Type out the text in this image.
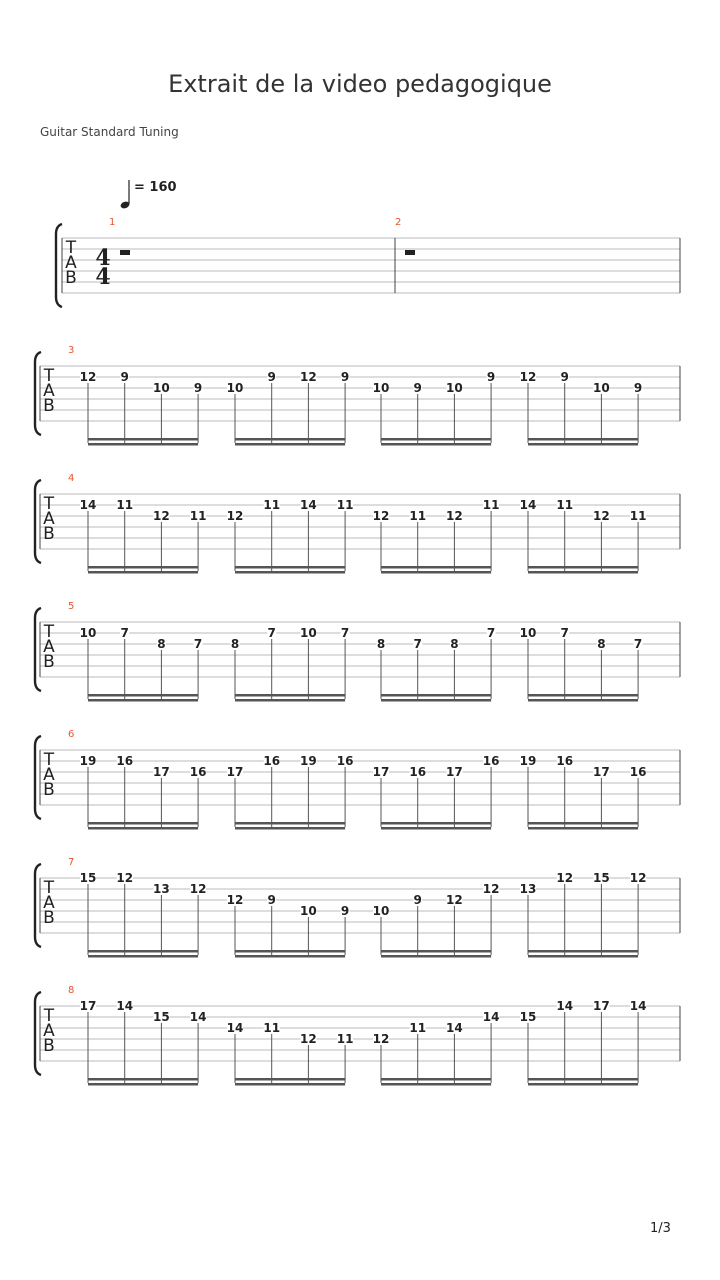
Extrait de la video pedagogique
Guitar Standard Tuning
= 160
T
A
B
1
4
4
2
T
A
B
3
12 9
10 9 10
9 12 9
10 9 10
9 12 9
10 9
T
A
B
4
14 11
12 11 12
11 14 11
12 11 12
11 14 11
12 11
T
A
B
5
10 7
8 7 8
7 10 7
8 7 8
7 10 7
8 7
T
A
B
6
19 16
17 16 17
16 19 16
17 16 17
16 19 16
17 16
T
A
B
7
15 12
13 12
12 9
10 9 10
9 12
12 13
12 15 12
T
A
B
8
17 14
15 14
14 11
12 11 12
11 14
14 15
14 17 14
1/3
